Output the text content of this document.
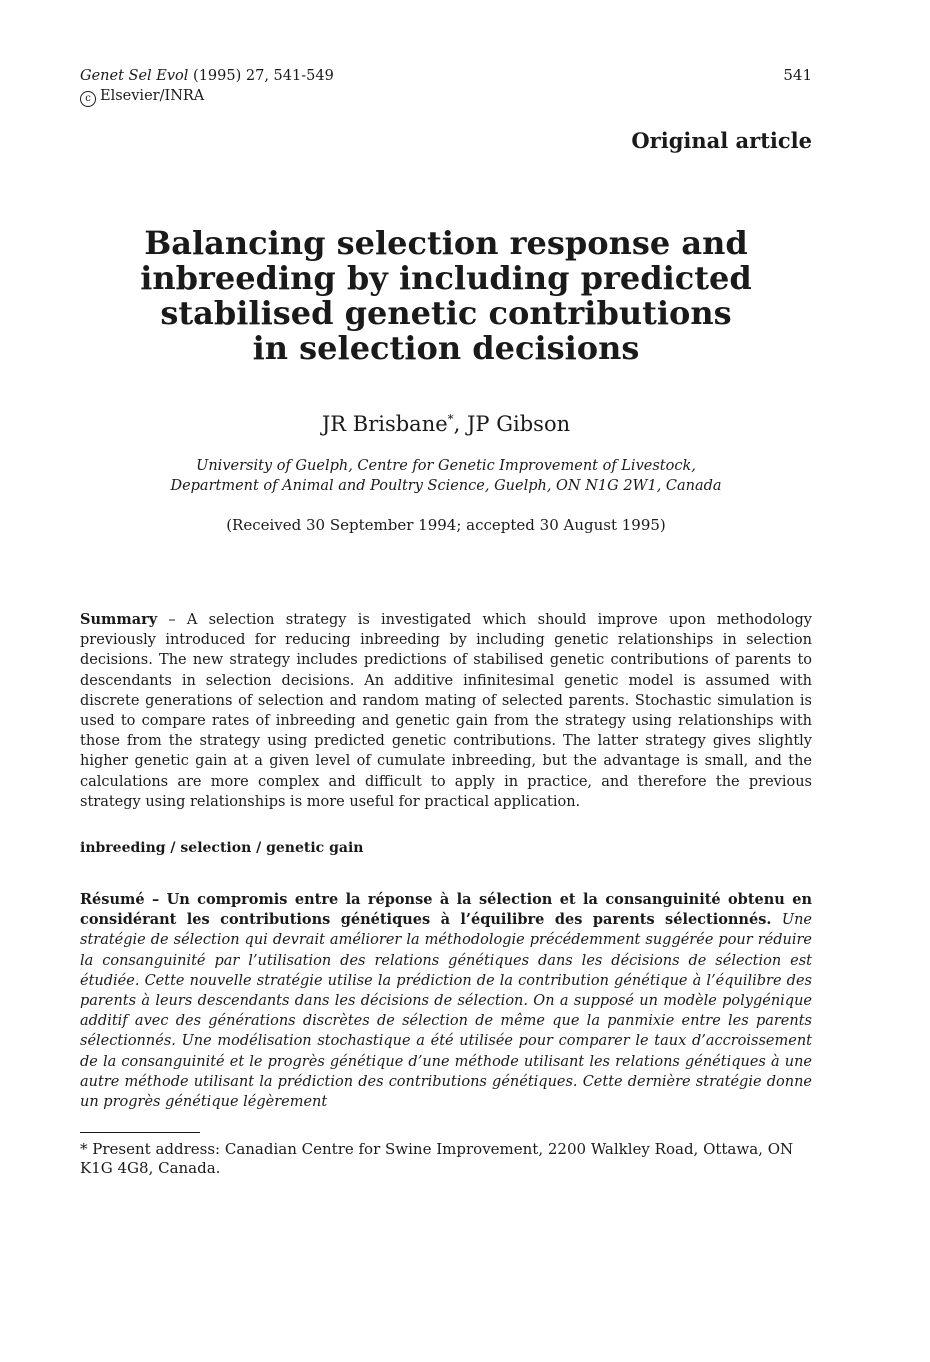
Genet Sel Evol (1995) 27, 541-549
c Elsevier/INRA
541
Original article
Balancing selection response and
inbreeding by including predicted
stabilised genetic contributions
in selection decisions
JR Brisbane*, JP Gibson
University of Guelph, Centre for Genetic Improvement of Livestock,
Department of Animal and Poultry Science, Guelph, ON N1G 2W1, Canada
(Received 30 September 1994; accepted 30 August 1995)
Summary – A selection strategy is investigated which should improve upon methodology previously introduced for reducing inbreeding by including genetic relationships in selection decisions. The new strategy includes predictions of stabilised genetic contributions of parents to descendants in selection decisions. An additive infinitesimal genetic model is assumed with discrete generations of selection and random mating of selected parents. Stochastic simulation is used to compare rates of inbreeding and genetic gain from the strategy using relationships with those from the strategy using predicted genetic contributions. The latter strategy gives slightly higher genetic gain at a given level of cumulate inbreeding, but the advantage is small, and the calculations are more complex and difficult to apply in practice, and therefore the previous strategy using relationships is more useful for practical application.
inbreeding / selection / genetic gain
Résumé – Un compromis entre la réponse à la sélection et la consanguinité obtenu en considérant les contributions génétiques à l’équilibre des parents sélectionnés. Une stratégie de sélection qui devrait améliorer la méthodologie précédemment suggérée pour réduire la consanguinité par l’utilisation des relations génétiques dans les décisions de sélection est étudiée. Cette nouvelle stratégie utilise la prédiction de la contribution génétique à l’équilibre des parents à leurs descendants dans les décisions de sélection. On a supposé un modèle polygénique additif avec des générations discrètes de sélection de même que la panmixie entre les parents sélectionnés. Une modélisation stochastique a été utilisée pour comparer le taux d’accroissement de la consanguinité et le progrès génétique d’une méthode utilisant les relations génétiques à une autre méthode utilisant la prédiction des contributions génétiques. Cette dernière stratégie donne un progrès génétique légèrement
* Present address: Canadian Centre for Swine Improvement, 2200 Walkley Road, Ottawa, ON K1G 4G8, Canada.
